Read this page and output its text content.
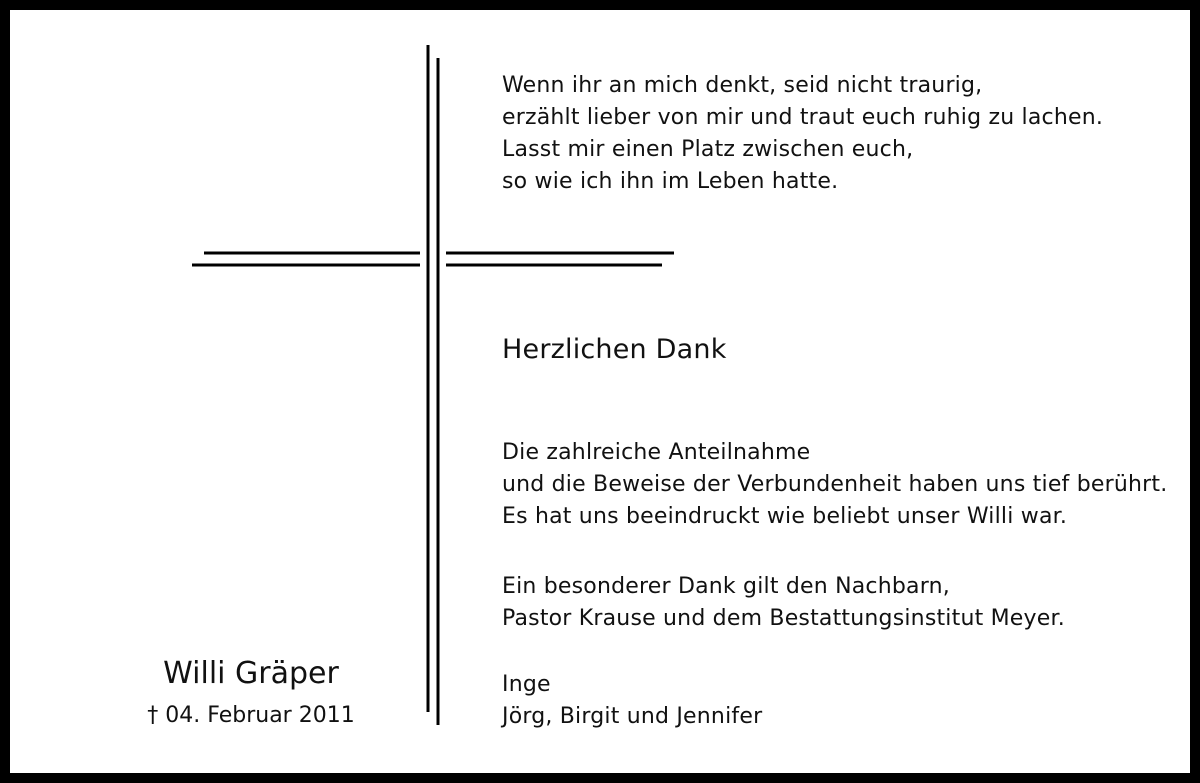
Wenn ihr an mich denkt, seid nicht traurig,
erzählt lieber von mir und traut euch ruhig zu lachen.
Lasst mir einen Platz zwischen euch,
so wie ich ihn im Leben hatte.
Herzlichen Dank
Die zahlreiche Anteilnahme
und die Beweise der Verbundenheit haben uns tief berührt.
Es hat uns beeindruckt wie beliebt unser Willi war.
Ein besonderer Dank gilt den Nachbarn,
Pastor Krause und dem Bestattungsinstitut Meyer.
Inge
Jörg, Birgit und Jennifer
Willi Gräper
† 04. Februar 2011
